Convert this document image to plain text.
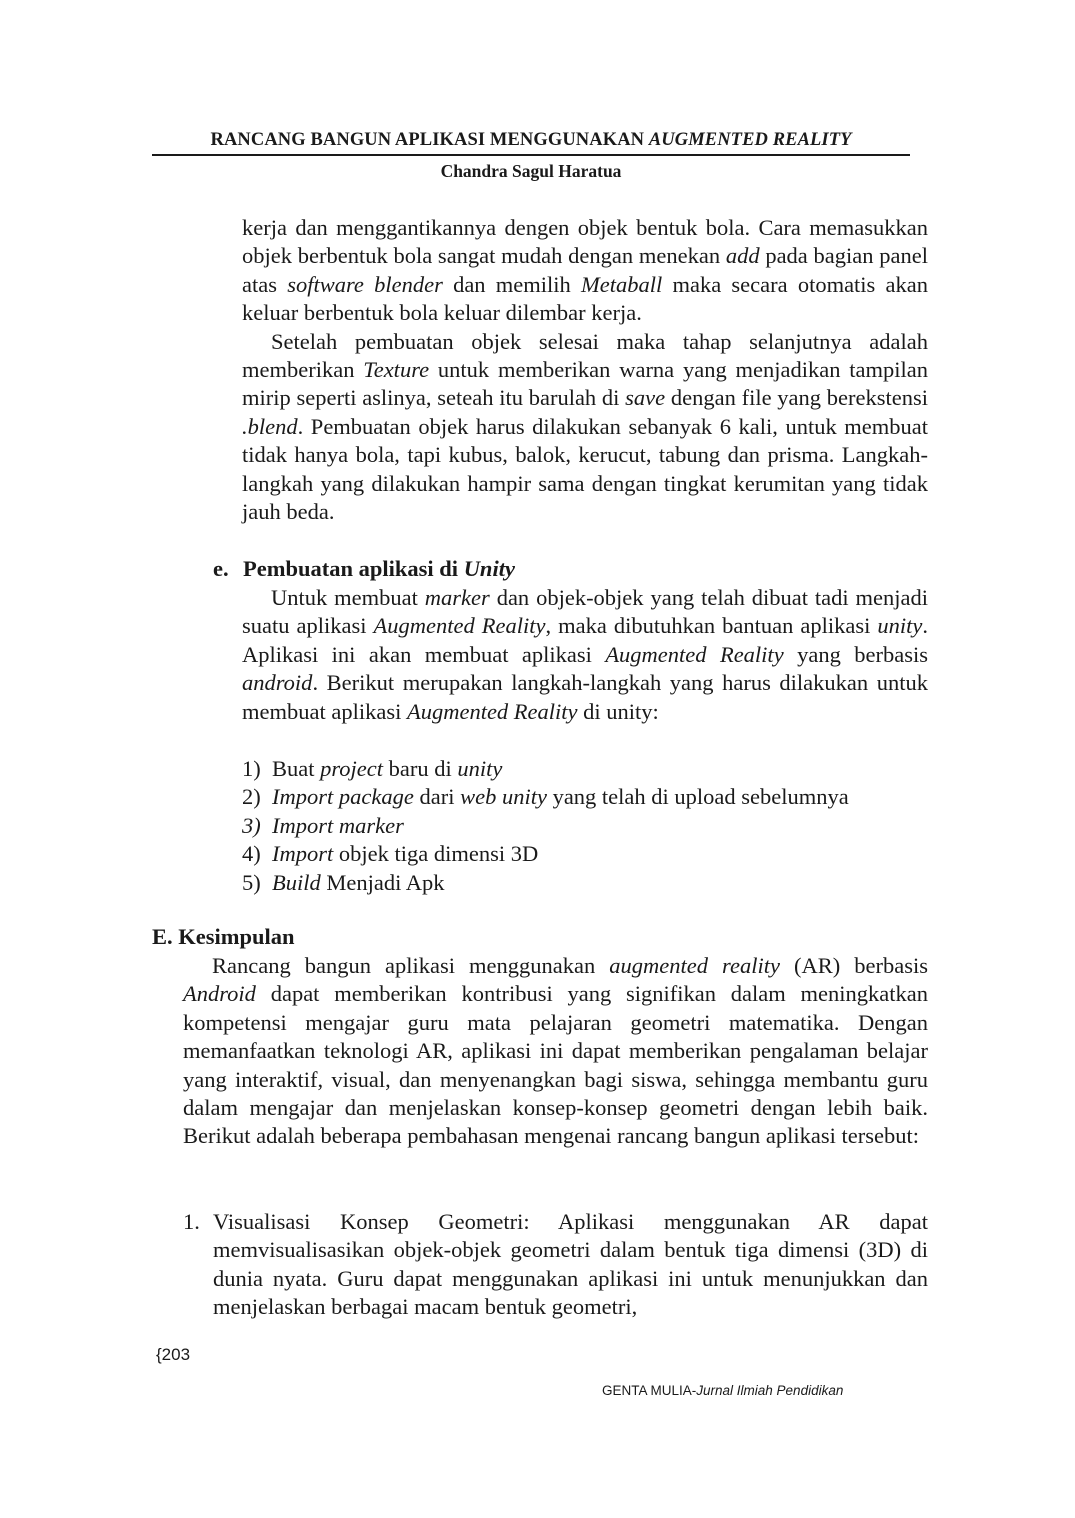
RANCANG BANGUN APLIKASI MENGGUNAKAN AUGMENTED REALITY
Chandra Sagul Haratua

kerja dan menggantikannya dengen objek bentuk bola. Cara memasukkan objek berbentuk bola sangat mudah dengan menekan add pada bagian panel atas software blender dan memilih Metaball maka secara otomatis akan keluar berbentuk bola keluar dilembar kerja.

Setelah pembuatan objek selesai maka tahap selanjutnya adalah memberikan Texture untuk memberikan warna yang menjadikan tampilan mirip seperti aslinya, seteah itu barulah di save dengan file yang berekstensi .blend. Pembuatan objek harus dilakukan sebanyak 6 kali, untuk membuat tidak hanya bola, tapi kubus, balok, kerucut, tabung dan prisma. Langkah-langkah yang dilakukan hampir sama dengan tingkat kerumitan yang tidak jauh beda.

e. Pembuatan aplikasi di Unity

Untuk membuat marker dan objek-objek yang telah dibuat tadi menjadi suatu aplikasi Augmented Reality, maka dibutuhkan bantuan aplikasi unity. Aplikasi ini akan membuat aplikasi Augmented Reality yang berbasis android. Berikut merupakan langkah-langkah yang harus dilakukan untuk membuat aplikasi Augmented Reality di unity:

1) Buat project baru di unity
2) Import package dari web unity yang telah di upload sebelumnya
3) Import marker
4) Import objek tiga dimensi 3D
5) Build Menjadi Apk
E. Kesimpulan

Rancang bangun aplikasi menggunakan augmented reality (AR) berbasis Android dapat memberikan kontribusi yang signifikan dalam meningkatkan kompetensi mengajar guru mata pelajaran geometri matematika. Dengan memanfaatkan teknologi AR, aplikasi ini dapat memberikan pengalaman belajar yang interaktif, visual, dan menyenangkan bagi siswa, sehingga membantu guru dalam mengajar dan menjelaskan konsep-konsep geometri dengan lebih baik. Berikut adalah beberapa pembahasan mengenai rancang bangun aplikasi tersebut:

1. Visualisasi Konsep Geometri: Aplikasi menggunakan AR dapat memvisualisasikan objek-objek geometri dalam bentuk tiga dimensi (3D) di dunia nyata. Guru dapat menggunakan aplikasi ini untuk menunjukkan dan menjelaskan berbagai macam bentuk geometri,
{203
GENTA MULIA-Jurnal Ilmiah Pendidikan
